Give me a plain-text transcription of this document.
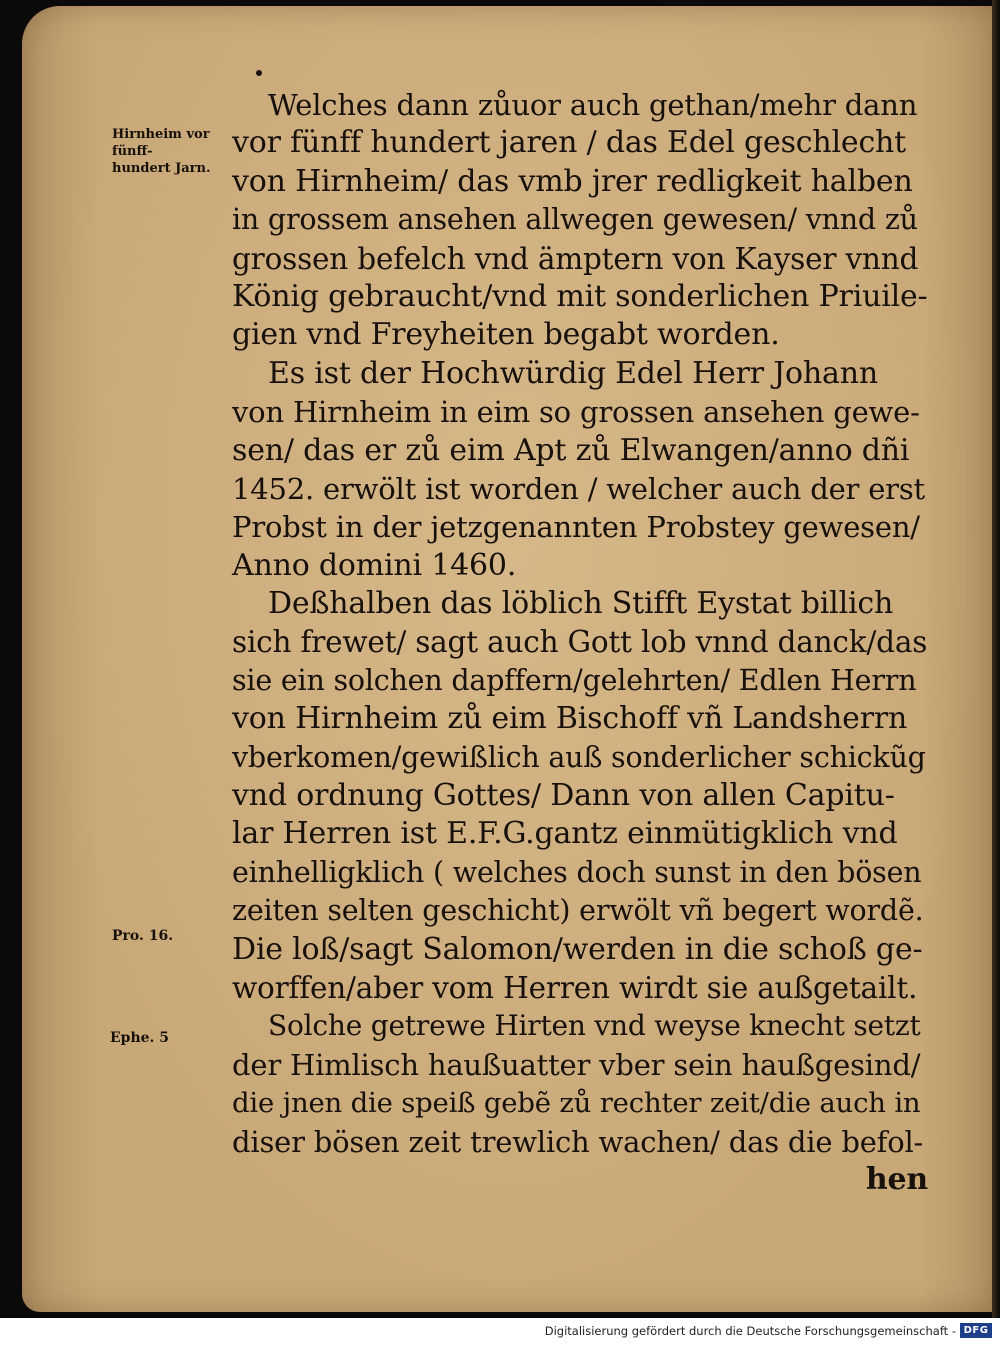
Hirnheim vor fünff- hundert Jarn.
Pro. 16.
Ephe. 5
Welches dann zůuor auch gethan/mehr dann
vor fünff hundert jaren / das Edel geschlecht
von Hirnheim/ das vmb jrer redligkeit halben
in grossem ansehen allwegen gewesen/ vnnd zů
grossen befelch vnd ämptern von Kayser vnnd
König gebraucht/vnd mit sonderlichen Priuile-
gien vnd Freyheiten begabt worden.
Es ist der Hochwürdig Edel Herr Johann
von Hirnheim in eim so grossen ansehen gewe-
sen/ das er zů eim Apt zů Elwangen/anno dñi
1452. erwölt ist worden / welcher auch der erst
Probst in der jetzgenannten Probstey gewesen/
Anno domini 1460.
Deßhalben das löblich Stifft Eystat billich
sich frewet/ sagt auch Gott lob vnnd danck/das
sie ein solchen dapffern/gelehrten/ Edlen Herrn
von Hirnheim zů eim Bischoff vñ Landsherrn
vberkomen/gewißlich auß sonderlicher schickũg
vnd ordnung Gottes/ Dann von allen Capitu-
lar Herren ist E.F.G.gantz einmütigklich vnd
einhelligklich ( welches doch sunst in den bösen
zeiten selten geschicht) erwölt vñ begert wordẽ.
Die loß/sagt Salomon/werden in die schoß ge-
worffen/aber vom Herren wirdt sie außgetailt.
Solche getrewe Hirten vnd weyse knecht setzt
der Himlisch haußuatter vber sein haußgesind/
die jnen die speiß gebẽ zů rechter zeit/die auch in
diser bösen zeit trewlich wachen/ das die befol-
hen
Digitalisierung gefördert durch die Deutsche Forschungsgemeinschaft - DFG
